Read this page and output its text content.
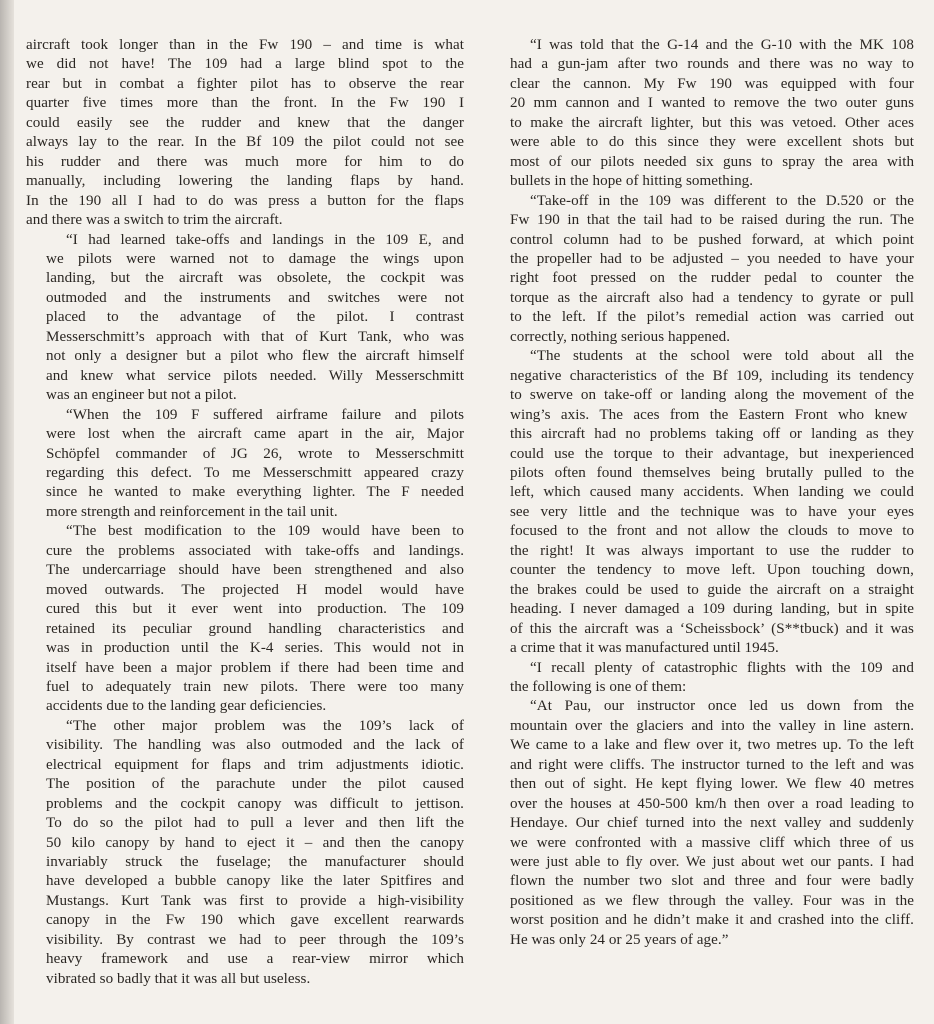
aircraft took longer than in the Fw 190 – and time is what
we did not have! The 109 had a large blind spot to the
rear but in combat a fighter pilot has to observe the rear
quarter five times more than the front. In the Fw 190 I
could easily see the rudder and knew that the danger
always lay to the rear. In the Bf 109 the pilot could not see
his rudder and there was much more for him to do
manually, including lowering the landing flaps by hand.
In the 190 all I had to do was press a button for the flaps
and there was a switch to trim the aircraft.

“I had learned take-offs and landings in the 109 E, and
we pilots were warned not to damage the wings upon
landing, but the aircraft was obsolete, the cockpit was
outmoded and the instruments and switches were not
placed to the advantage of the pilot. I contrast
Messerschmitt’s approach with that of Kurt Tank, who was
not only a designer but a pilot who flew the aircraft himself
and knew what service pilots needed. Willy Messerschmitt
was an engineer but not a pilot.

“When the 109 F suffered airframe failure and pilots
were lost when the aircraft came apart in the air, Major
Schöpfel commander of JG 26, wrote to Messerschmitt
regarding this defect. To me Messerschmitt appeared crazy
since he wanted to make everything lighter. The F needed
more strength and reinforcement in the tail unit.

“The best modification to the 109 would have been to
cure the problems associated with take-offs and landings.
The undercarriage should have been strengthened and also
moved outwards. The projected H model would have
cured this but it ever went into production. The 109
retained its peculiar ground handling characteristics and
was in production until the K-4 series. This would not in
itself have been a major problem if there had been time and
fuel to adequately train new pilots. There were too many
accidents due to the landing gear deficiencies.

“The other major problem was the 109’s lack of
visibility. The handling was also outmoded and the lack of
electrical equipment for flaps and trim adjustments idiotic.
The position of the parachute under the pilot caused
problems and the cockpit canopy was difficult to jettison.
To do so the pilot had to pull a lever and then lift the
50 kilo canopy by hand to eject it – and then the canopy
invariably struck the fuselage; the manufacturer should
have developed a bubble canopy like the later Spitfires and
Mustangs. Kurt Tank was first to provide a high-visibility
canopy in the Fw 190 which gave excellent rearwards
visibility. By contrast we had to peer through the 109’s
heavy framework and use a rear-view mirror which
vibrated so badly that it was all but useless.

“I was told that the G-14 and the G-10 with the MK 108
had a gun-jam after two rounds and there was no way to
clear the cannon. My Fw 190 was equipped with four
20 mm cannon and I wanted to remove the two outer guns
to make the aircraft lighter, but this was vetoed. Other aces
were able to do this since they were excellent shots but
most of our pilots needed six guns to spray the area with
bullets in the hope of hitting something.

“Take-off in the 109 was different to the D.520 or the
Fw 190 in that the tail had to be raised during the run. The
control column had to be pushed forward, at which point
the propeller had to be adjusted – you needed to have your
right foot pressed on the rudder pedal to counter the
torque as the aircraft also had a tendency to gyrate or pull
to the left. If the pilot’s remedial action was carried out
correctly, nothing serious happened.

“The students at the school were told about all the
negative characteristics of the Bf 109, including its tendency
to swerve on take-off or landing along the movement of the
wing’s axis. The aces from the Eastern Front who knew
this aircraft had no problems taking off or landing as they
could use the torque to their advantage, but inexperienced
pilots often found themselves being brutally pulled to the
left, which caused many accidents. When landing we could
see very little and the technique was to have your eyes
focused to the front and not allow the clouds to move to
the right! It was always important to use the rudder to
counter the tendency to move left. Upon touching down,
the brakes could be used to guide the aircraft on a straight
heading. I never damaged a 109 during landing, but in spite
of this the aircraft was a ‘Scheissbock’ (S**tbuck) and it was
a crime that it was manufactured until 1945.

“I recall plenty of catastrophic flights with the 109 and
the following is one of them:

“At Pau, our instructor once led us down from the
mountain over the glaciers and into the valley in line astern.
We came to a lake and flew over it, two metres up. To the left
and right were cliffs. The instructor turned to the left and was
then out of sight. He kept flying lower. We flew 40 metres
over the houses at 450-500 km/h then over a road leading to
Hendaye. Our chief turned into the next valley and suddenly
we were confronted with a massive cliff which three of us
were just able to fly over. We just about wet our pants. I had
flown the number two slot and three and four were badly
positioned as we flew through the valley. Four was in the
worst position and he didn’t make it and crashed into the cliff.
He was only 24 or 25 years of age.”
